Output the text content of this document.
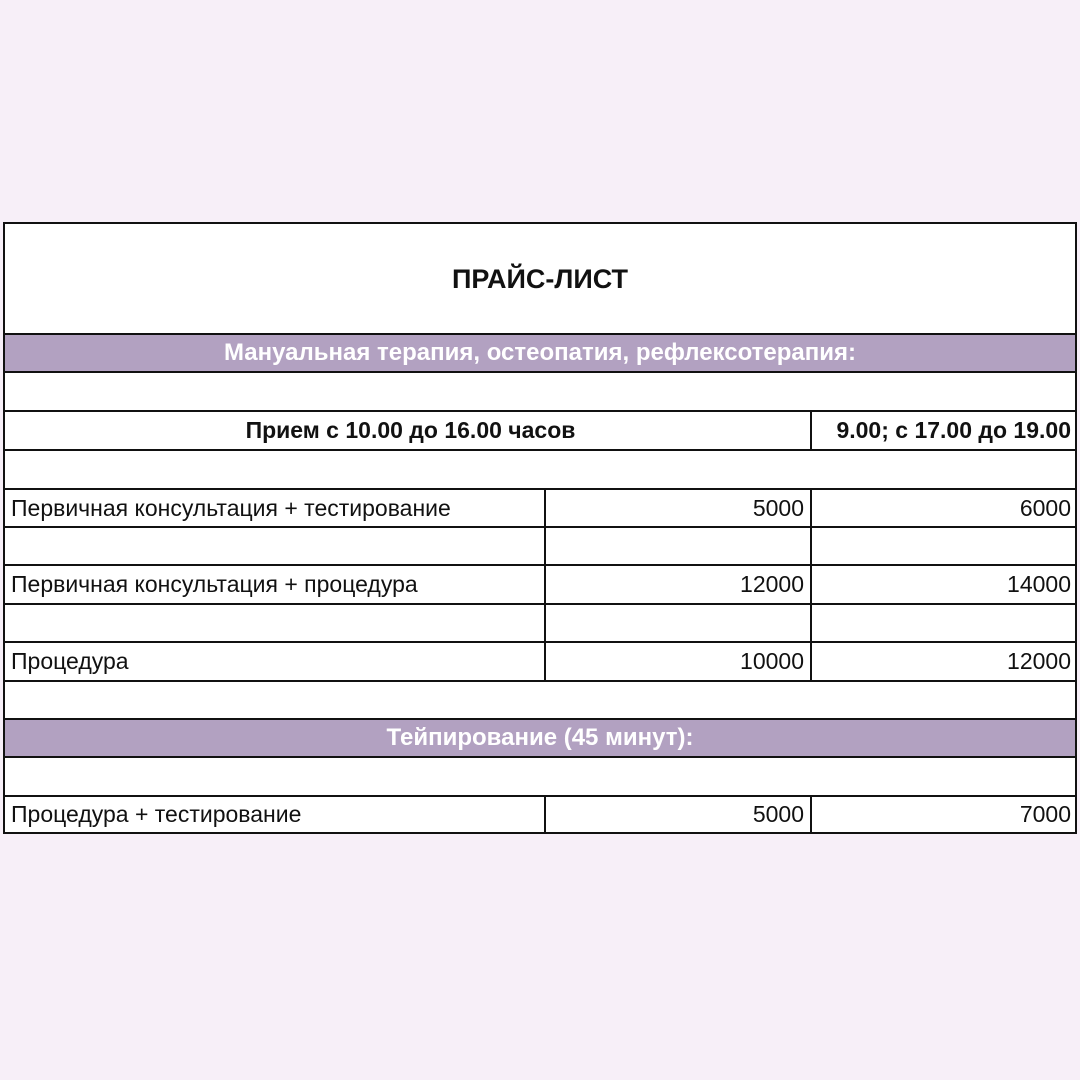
ПРАЙС-ЛИСТ
Мануальная терапия, остеопатия, рефлексотерапия:
Прием с 10.00 до 16.00 часов	9.00; с 17.00 до 19.00
Первичная консультация + тестирование	5000	6000
Первичная консультация + процедура	12000	14000
Процедура	10000	12000
Тейпирование (45 минут):
Процедура + тестирование	5000	7000
